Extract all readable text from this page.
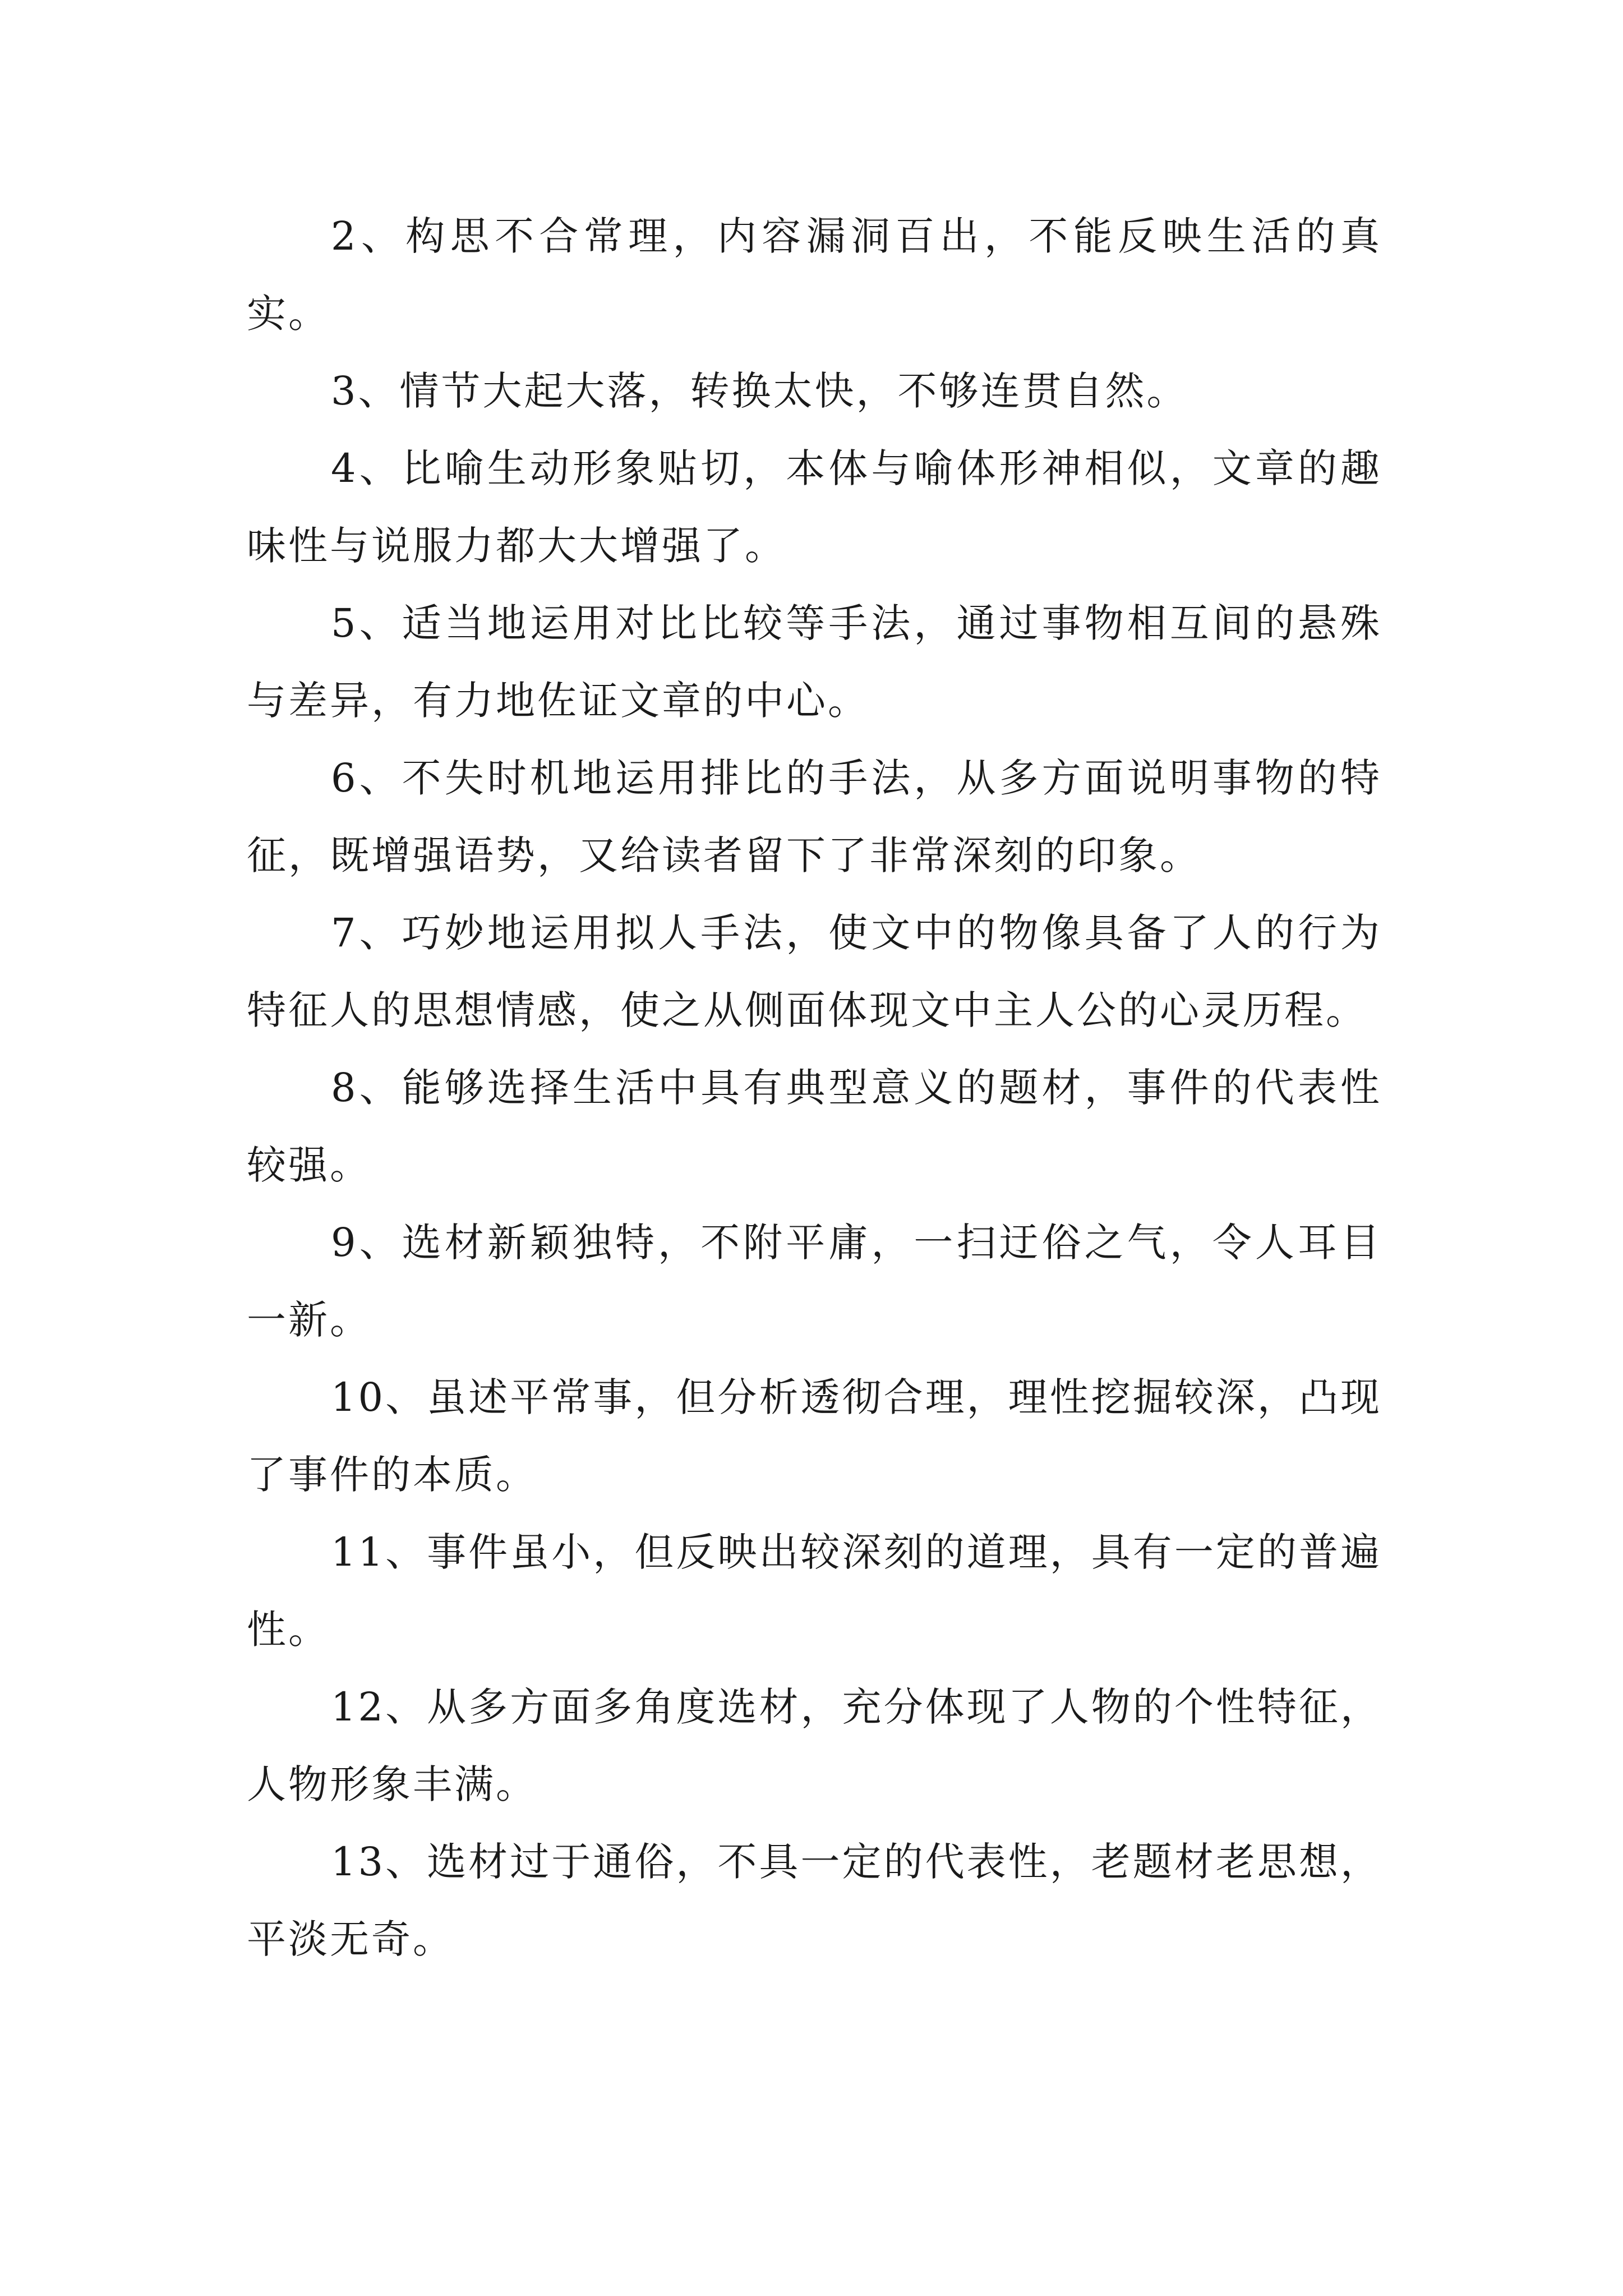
2、构思不合常理，内容漏洞百出，不能反映生活的真实。

3、情节大起大落，转换太快，不够连贯自然。

4、比喻生动形象贴切，本体与喻体形神相似，文章的趣味性与说服力都大大增强了。

5、适当地运用对比比较等手法，通过事物相互间的悬殊与差异，有力地佐证文章的中心。

6、不失时机地运用排比的手法，从多方面说明事物的特征，既增强语势，又给读者留下了非常深刻的印象。

7、巧妙地运用拟人手法，使文中的物像具备了人的行为特征人的思想情感，使之从侧面体现文中主人公的心灵历程。

8、能够选择生活中具有典型意义的题材，事件的代表性较强。

9、选材新颖独特，不附平庸，一扫迂俗之气，令人耳目一新。

10、虽述平常事，但分析透彻合理，理性挖掘较深，凸现了事件的本质。

11、事件虽小，但反映出较深刻的道理，具有一定的普遍性。

12、从多方面多角度选材，充分体现了人物的个性特征，人物形象丰满。

13、选材过于通俗，不具一定的代表性，老题材老思想，平淡无奇。
